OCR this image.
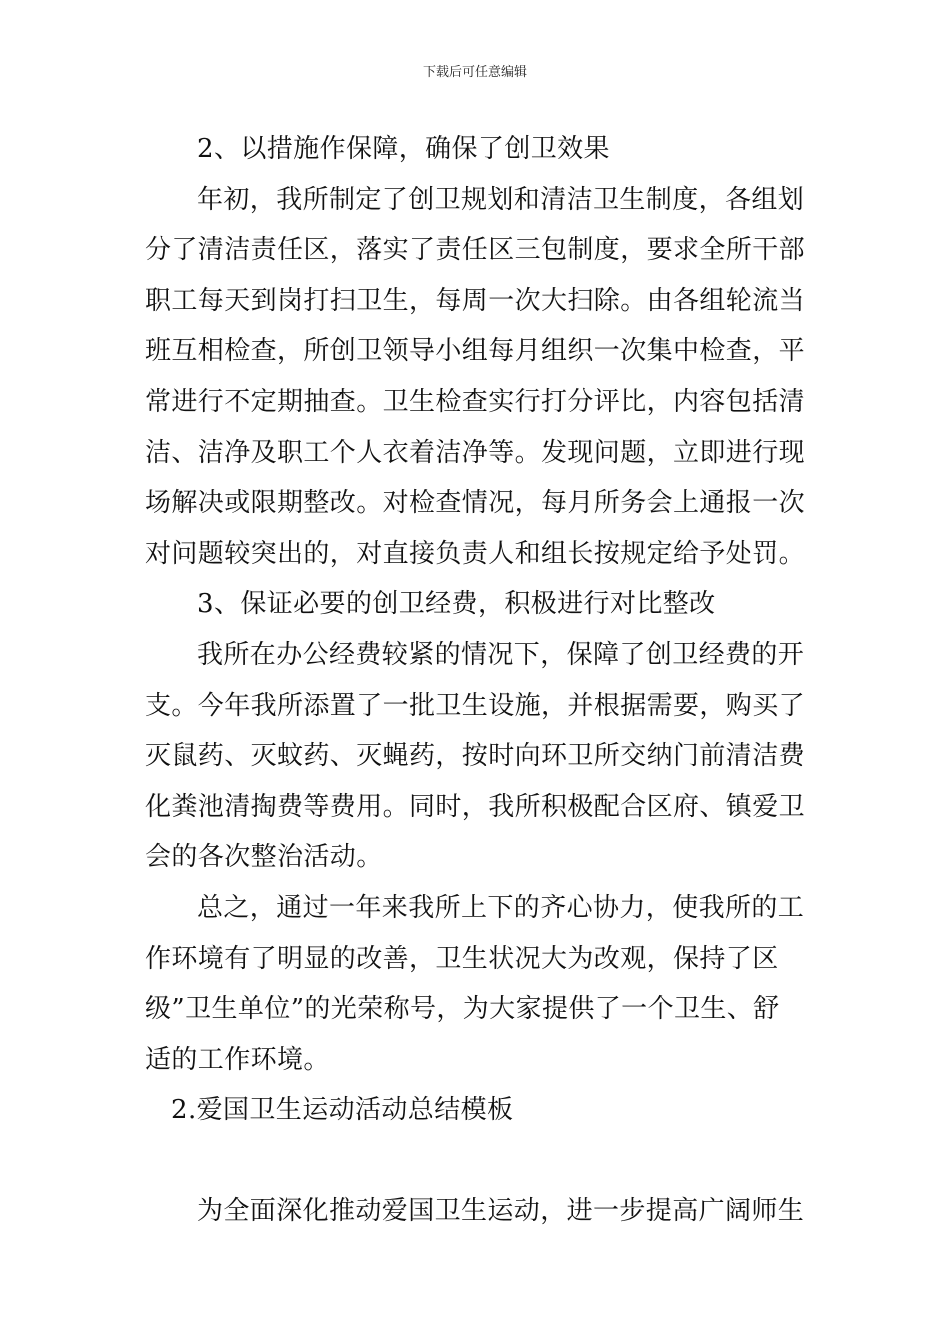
下载后可任意编辑
2、以措施作保障，确保了创卫效果
年初，我所制定了创卫规划和清洁卫生制度，各组划
分了清洁责任区，落实了责任区三包制度，要求全所干部
职工每天到岗打扫卫生，每周一次大扫除。由各组轮流当
班互相检查，所创卫领导小组每月组织一次集中检查，平
常进行不定期抽查。卫生检查实行打分评比，内容包括清
洁、洁净及职工个人衣着洁净等。发现问题，立即进行现
场解决或限期整改。对检查情况，每月所务会上通报一次
对问题较突出的，对直接负责人和组长按规定给予处罚。
3、保证必要的创卫经费，积极进行对比整改
我所在办公经费较紧的情况下，保障了创卫经费的开
支。今年我所添置了一批卫生设施，并根据需要，购买了
灭鼠药、灭蚊药、灭蝇药，按时向环卫所交纳门前清洁费
化粪池清掏费等费用。同时，我所积极配合区府、镇爱卫
会的各次整治活动。
总之，通过一年来我所上下的齐心协力，使我所的工
作环境有了明显的改善，卫生状况大为改观，保持了区
级”卫生单位”的光荣称号，为大家提供了一个卫生、舒
适的工作环境。
2.爱国卫生运动活动总结模板
为全面深化推动爱国卫生运动，进一步提高广阔师生
